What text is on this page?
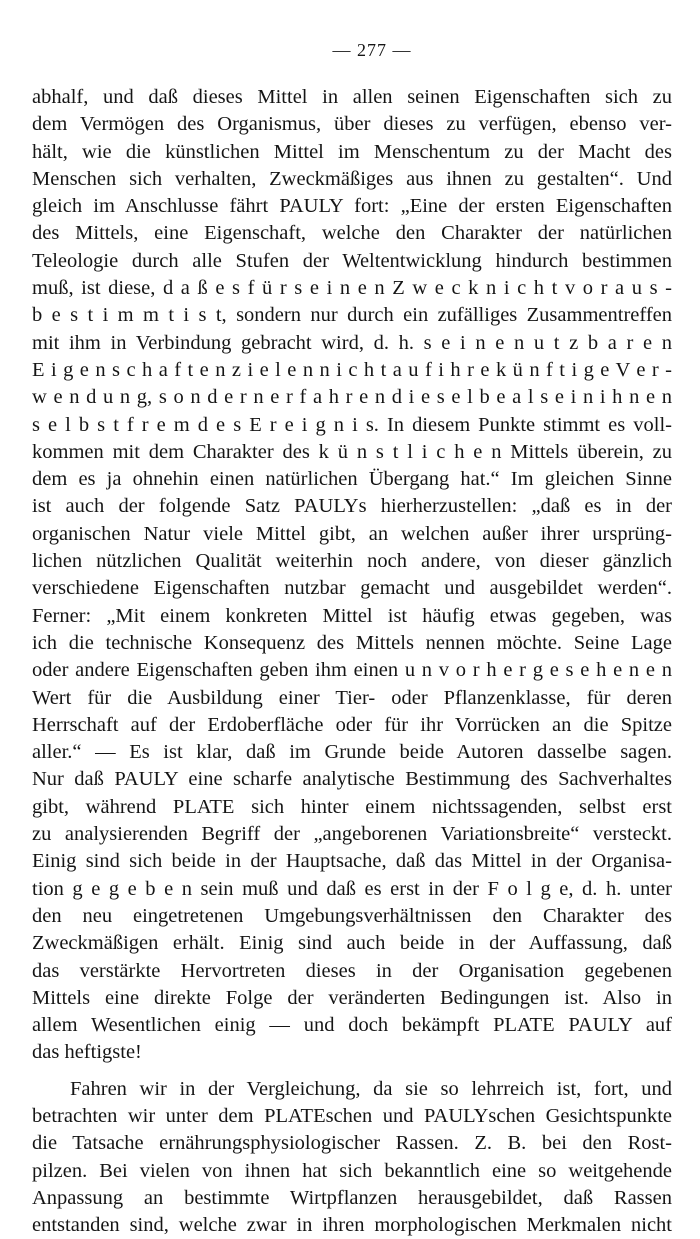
— 277 —
abhalf, und daß dieses Mittel in allen seinen Eigenschaften sich zu
dem Vermögen des Organismus, über dieses zu verfügen, ebenso ver-
hält, wie die künstlichen Mittel im Menschentum zu der Macht des
Menschen sich verhalten, Zweckmäßiges aus ihnen zu gestalten“. Und
gleich im Anschlusse fährt PAULY fort: „Eine der ersten Eigenschaften
des Mittels, eine Eigenschaft, welche den Charakter der natürlichen
Teleologie durch alle Stufen der Weltentwicklung hindurch bestimmen
muß, ist diese, d a ß e s f ü r s e i n e n Z w e c k n i c h t v o r a u s -
b e s t i m m t i s t, sondern nur durch ein zufälliges Zusammentreffen
mit ihm in Verbindung gebracht wird, d. h. s e i n e n u t z b a r e n
E i g e n s c h a f t e n z i e l e n n i c h t a u f i h r e k ü n f t i g e V e r -
w e n d u n g, s o n d e r n e r f a h r e n d i e s e l b e a l s e i n i h n e n
s e l b s t f r e m d e s E r e i g n i s. In diesem Punkte stimmt es voll-
kommen mit dem Charakter des k ü n s t l i c h e n Mittels überein, zu
dem es ja ohnehin einen natürlichen Übergang hat.“ Im gleichen Sinne
ist auch der folgende Satz PAULYs hierherzustellen: „daß es in der
organischen Natur viele Mittel gibt, an welchen außer ihrer ursprüng-
lichen nützlichen Qualität weiterhin noch andere, von dieser gänzlich
verschiedene Eigenschaften nutzbar gemacht und ausgebildet werden“.
Ferner: „Mit einem konkreten Mittel ist häufig etwas gegeben, was
ich die technische Konsequenz des Mittels nennen möchte. Seine Lage
oder andere Eigenschaften geben ihm einen u n v o r h e r g e s e h e n e n
Wert für die Ausbildung einer Tier- oder Pflanzenklasse, für deren
Herrschaft auf der Erdoberfläche oder für ihr Vorrücken an die Spitze
aller.“ — Es ist klar, daß im Grunde beide Autoren dasselbe sagen.
Nur daß PAULY eine scharfe analytische Bestimmung des Sachverhaltes
gibt, während PLATE sich hinter einem nichtssagenden, selbst erst
zu analysierenden Begriff der „angeborenen Variationsbreite“ versteckt.
Einig sind sich beide in der Hauptsache, daß das Mittel in der Organisa-
tion g e g e b e n sein muß und daß es erst in der F o l g e, d. h. unter
den neu eingetretenen Umgebungsverhältnissen den Charakter des
Zweckmäßigen erhält. Einig sind auch beide in der Auffassung, daß
das verstärkte Hervortreten dieses in der Organisation gegebenen
Mittels eine direkte Folge der veränderten Bedingungen ist. Also in
allem Wesentlichen einig — und doch bekämpft PLATE PAULY auf
das heftigste!
Fahren wir in der Vergleichung, da sie so lehrreich ist, fort, und
betrachten wir unter dem PLATEschen und PAULYschen Gesichtspunkte
die Tatsache ernährungsphysiologischer Rassen. Z. B. bei den Rost-
pilzen. Bei vielen von ihnen hat sich bekanntlich eine so weitgehende
Anpassung an bestimmte Wirtpflanzen herausgebildet, daß Rassen
entstanden sind, welche zwar in ihren morphologischen Merkmalen nicht
